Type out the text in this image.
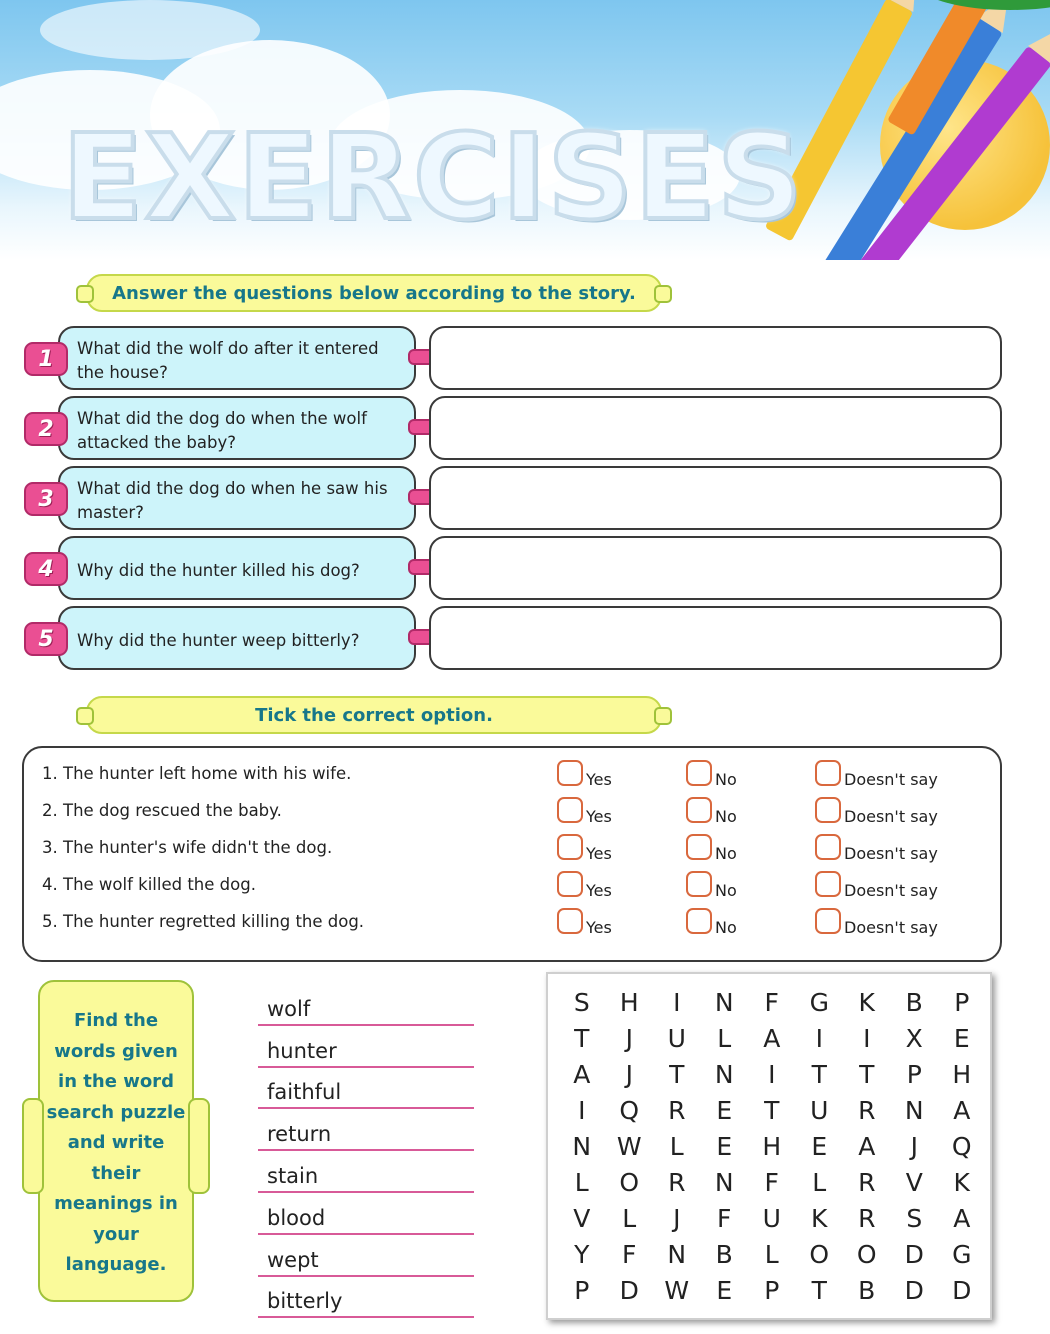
EXERCISES
Answer the questions below according to the story.
What did the wolf do after it entered the house?
1
What did the dog do when the wolf attacked the baby?
2
What did the dog do when he saw his master?
3
Why did the hunter killed his dog?
4
Why did the hunter weep bitterly?
5
Tick the correct option.
1. The hunter left home with his wife.	Yes	No	Doesn't say
2. The dog rescued the baby.	Yes	No	Doesn't say
3. The hunter's wife didn't the dog.	Yes	No	Doesn't say
4. The wolf killed the dog.	Yes	No	Doesn't say
5. The hunter regretted killing the dog.	Yes	No	Doesn't say
Find the
words given
in the word
search puzzle
and write
their
meanings in
your
language.
wolf
hunter
faithful
return
stain
blood
wept
bitterly
S	H	I	N	F	G	K	B	P
T	J	U	L	A	I	I	X	E
A	J	T	N	I	T	T	P	H
I	Q	R	E	T	U	R	N	A
N	W	L	E	H	E	A	J	Q
L	O	R	N	F	L	R	V	K
V	L	J	F	U	K	R	S	A
Y	F	N	B	L	O	O	D	G
P	D	W	E	P	T	B	D	D
